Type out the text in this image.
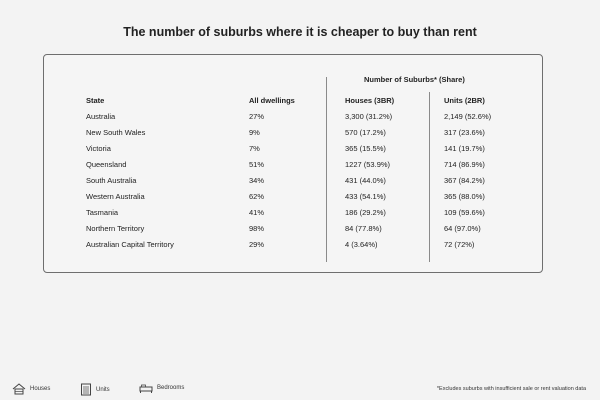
The number of suburbs where it is cheaper to buy than rent
Number of Suburbs* (Share)
State	All dwellings	Houses (3BR)	Units (2BR)
Australia	27%	3,300 (31.2%)	2,149 (52.6%)
New South Wales	9%	570 (17.2%)	317 (23.6%)
Victoria	7%	365 (15.5%)	141 (19.7%)
Queensland	51%	1227 (53.9%)	714 (86.9%)
South Australia	34%	431 (44.0%)	367 (84.2%)
Western Australia	62%	433 (54.1%)	365 (88.0%)
Tasmania	41%	186 (29.2%)	109 (59.6%)
Northern Territory	98%	84 (77.8%)	64 (97.0%)
Australian Capital Territory	29%	4 (3.64%)	72 (72%)
Houses	Units	Bedrooms	*Excludes suburbs with insufficient sale or rent valuation data
